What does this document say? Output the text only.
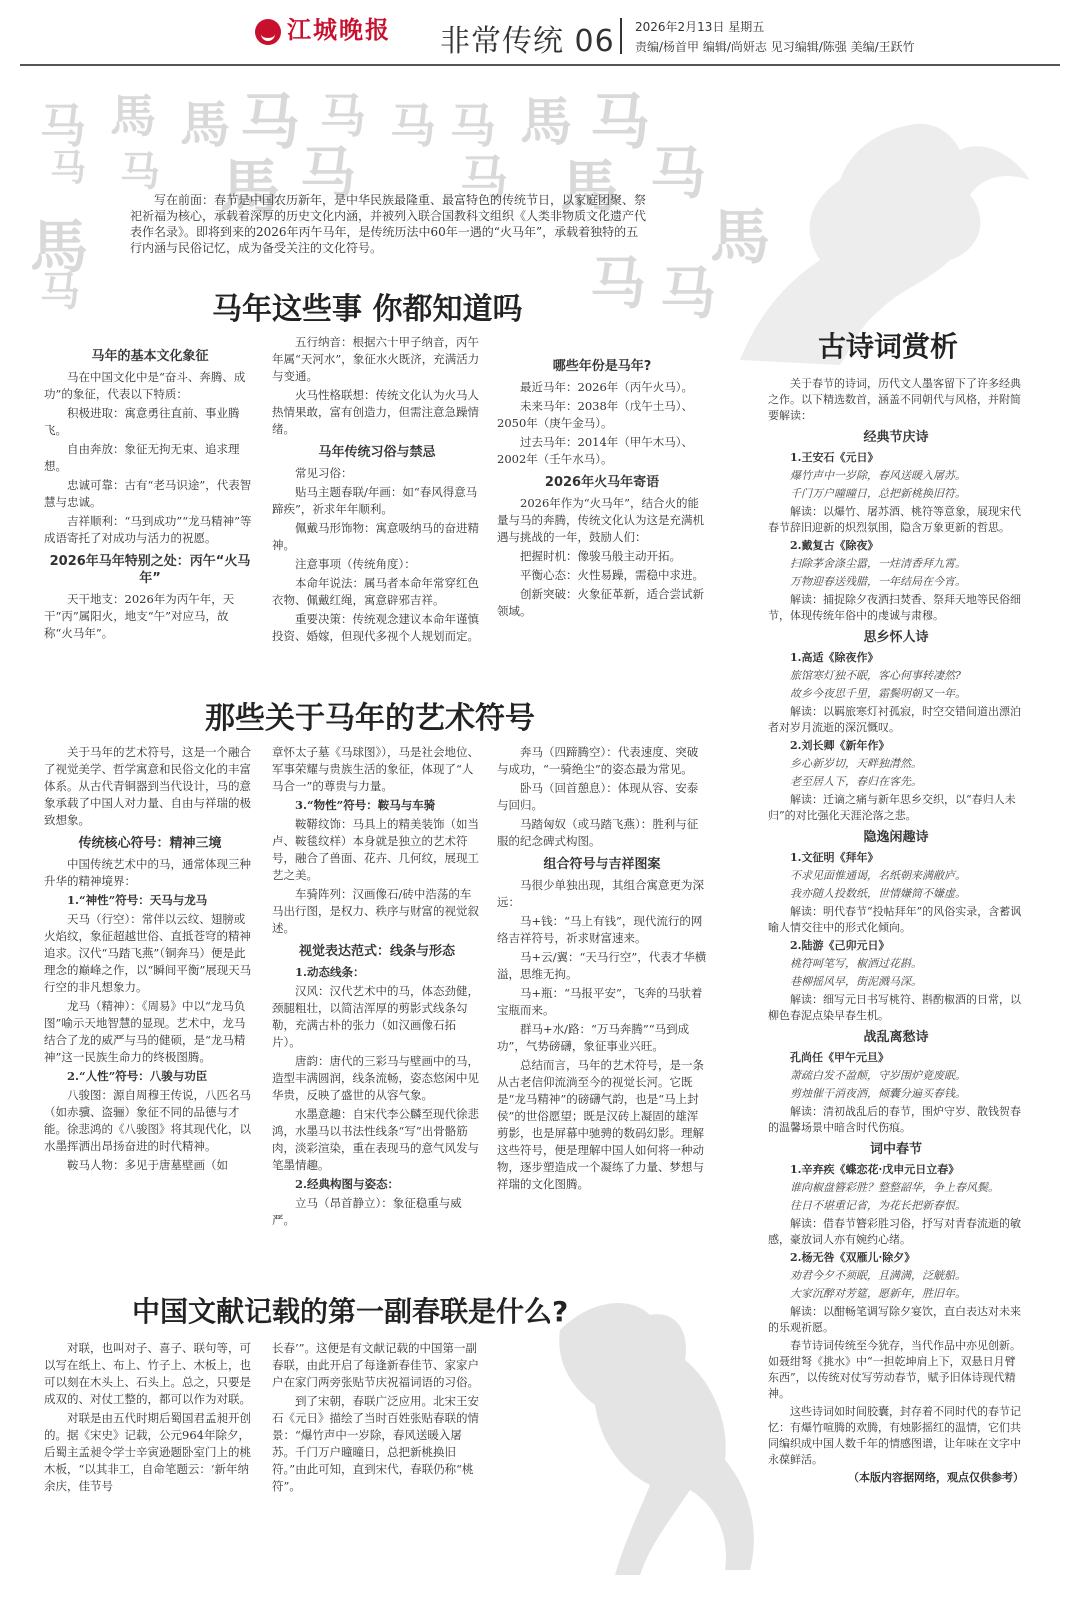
江城晚报 非常传统 06 2026年2月13日 星期五
责编/杨首甲 编辑/尚妍志 见习编辑/陈强 美编/王跃竹
马 馬 馬 马 马 马 马 馬 马
马 马 馬 马 马 馬 马
馬
马	马 马
馬
写在前面：春节是中国农历新年，是中华民族最隆重、最富特色的传统节日，以家庭团聚、祭祀祈福为核心，承载着深厚的历史文化内涵，并被列入联合国教科文组织《人类非物质文化遗产代表作名录》。即将到来的2026年丙午马年，是传统历法中60年一遇的“火马年”，承载着独特的五行内涵与民俗记忆，成为备受关注的文化符号。
马年这些事 你都知道吗
马年的基本文化象征

马在中国文化中是“奋斗、奔腾、成功”的象征，代表以下特质：

积极进取：寓意勇往直前、事业腾飞。

自由奔放：象征无拘无束、追求理想。

忠诚可靠：古有“老马识途”，代表智慧与忠诚。

吉祥顺利：“马到成功”“龙马精神”等成语寄托了对成功与活力的祝愿。

2026年马年特别之处：丙午“火马年”

天干地支：2026年为丙午年，天干“丙”属阳火，地支“午”对应马，故称“火马年”。

五行纳音：根据六十甲子纳音，丙午年属“天河水”，象征水火既济，充满活力与变通。

火马性格联想：传统文化认为火马人热情果敢，富有创造力，但需注意急躁情绪。

马年传统习俗与禁忌

常见习俗：

贴马主题春联/年画：如“春风得意马蹄疾”，祈求年年顺利。

佩戴马形饰物：寓意吸纳马的奋进精神。

注意事项（传统角度）：

本命年说法：属马者本命年常穿红色衣物、佩戴红绳，寓意辟邪吉祥。

重要决策：传统观念建议本命年谨慎投资、婚嫁，但现代多视个人规划而定。

哪些年份是马年?

最近马年：2026年（丙午火马）。

未来马年：2038年（戊午土马）、2050年（庚午金马）。

过去马年：2014年（甲午木马）、2002年（壬午水马）。

2026年火马年寄语

2026年作为“火马年”，结合火的能量与马的奔腾，传统文化认为这是充满机遇与挑战的一年，鼓励人们：

把握时机：像骏马般主动开拓。

平衡心态：火性易躁，需稳中求进。

创新突破：火象征革新，适合尝试新领域。

那些关于马年的艺术符号

关于马年的艺术符号，这是一个融合了视觉美学、哲学寓意和民俗文化的丰富体系。从古代青铜器到当代设计，马的意象承载了中国人对力量、自由与祥瑞的极致想象。

传统核心符号：精神三境

中国传统艺术中的马，通常体现三种升华的精神境界：

1.“神性”符号：天马与龙马

天马（行空）：常伴以云纹、翅膀或火焰纹，象征超越世俗、直抵苍穹的精神追求。汉代“马踏飞燕”（铜奔马）便是此理念的巅峰之作，以“瞬间平衡”展现天马行空的非凡想象力。

龙马（精神）：《周易》中以“龙马负图”喻示天地智慧的显现。艺术中，龙马结合了龙的威严与马的健硕，是“龙马精神”这一民族生命力的终极图腾。

2.“人性”符号：八骏与功臣

八骏图：源自周穆王传说，八匹名马（如赤骥、盗骊）象征不同的品德与才能。徐悲鸿的《八骏图》将其现代化，以水墨挥洒出昂扬奋进的时代精神。

鞍马人物：多见于唐墓壁画（如

章怀太子墓《马球图》），马是社会地位、军事荣耀与贵族生活的象征，体现了“人马合一”的尊贵与力量。

3.“物性”符号：鞍马与车骑

鞍鞯纹饰：马具上的精美装饰（如当卢、鞍毯纹样）本身就是独立的艺术符号，融合了兽面、花卉、几何纹，展现工艺之美。

车骑阵列：汉画像石/砖中浩荡的车马出行图，是权力、秩序与财富的视觉叙述。

视觉表达范式：线条与形态

1.动态线条：

汉风：汉代艺术中的马，体态劲健，颈腿粗壮，以简洁浑厚的剪影式线条勾勒，充满古朴的张力（如汉画像石拓片）。

唐韵：唐代的三彩马与壁画中的马，造型丰满圆润，线条流畅，姿态悠闲中见华贵，反映了盛世的从容气象。

水墨意趣：自宋代李公麟至现代徐悲鸿，水墨马以书法性线条“写”出骨骼筋肉，淡彩渲染，重在表现马的意气风发与笔墨情趣。

2.经典构图与姿态：

立马（昂首静立）：象征稳重与威严。

奔马（四蹄腾空）：代表速度、突破与成功，“一骑绝尘”的姿态最为常见。

卧马（回首憩息）：体现从容、安泰与回归。

马踏匈奴（或马踏飞燕）：胜利与征服的纪念碑式构图。

组合符号与吉祥图案

马很少单独出现，其组合寓意更为深远：

马+钱：“马上有钱”，现代流行的网络吉祥符号，祈求财富速来。

马+云/翼：“天马行空”，代表才华横溢，思维无拘。

马+瓶：“马报平安”，飞奔的马驮着宝瓶而来。

群马+水/路：“万马奔腾”“马到成功”，气势磅礴，象征事业兴旺。

总结而言，马年的艺术符号，是一条从古老信仰流淌至今的视觉长河。它既是“龙马精神”的磅礴气韵，也是“马上封侯”的世俗愿望；既是汉砖上凝固的雄浑剪影，也是屏幕中驰骋的数码幻影。理解这些符号，便是理解中国人如何将一种动物，逐步塑造成一个凝练了力量、梦想与祥瑞的文化图腾。

中国文献记载的第一副春联是什么?

对联，也叫对子、喜子、联句等，可以写在纸上、布上、竹子上、木板上，也可以刻在木头上、石头上。总之，只要是成双的、对仗工整的，都可以作为对联。

对联是由五代时期后蜀国君孟昶开创的。据《宋史》记载，公元964年除夕，后蜀主孟昶令学士辛寅逊题卧室门上的桃木板，“以其非工，自命笔题云：‘新年纳余庆，佳节号

长春’”。这便是有文献记载的中国第一副春联，由此开启了每逢新春佳节、家家户户在家门两旁张贴节庆祝福词语的习俗。

到了宋朝，春联广泛应用。北宋王安石《元日》描绘了当时百姓张贴春联的情景：“爆竹声中一岁除，春风送暖入屠苏。千门万户曈曈日，总把新桃换旧符。”由此可知，直到宋代，春联仍称“桃符”。

古诗词赏析

关于春节的诗词，历代文人墨客留下了许多经典之作。以下精选数首，涵盖不同朝代与风格，并附简要解读：

经典节庆诗

1.王安石《元日》

爆竹声中一岁除，春风送暖入屠苏。

千门万户曈曈日，总把新桃换旧符。

解读：以爆竹、屠苏酒、桃符等意象，展现宋代春节辞旧迎新的炽烈氛围，隐含万象更新的哲思。

2.戴复古《除夜》

扫除茅舍涤尘嚣，一炷清香拜九霄。

万物迎春送残腊，一年结局在今宵。

解读：捕捉除夕夜洒扫焚香、祭拜天地等民俗细节，体现传统年俗中的虔诚与肃穆。

思乡怀人诗

1.高适《除夜作》

旅馆寒灯独不眠，客心何事转凄然?

故乡今夜思千里，霜鬓明朝又一年。

解读：以羁旅寒灯衬孤寂，时空交错间道出漂泊者对岁月流逝的深沉慨叹。

2.刘长卿《新年作》

乡心新岁切，天畔独潸然。

老至居人下，春归在客先。

解读：迁谪之痛与新年思乡交织，以“春归人未归”的对比强化天涯沦落之悲。

隐逸闲趣诗

1.文征明《拜年》

不求见面惟通谒，名纸朝来满敝庐。

我亦随人投数纸，世情嫌简不嫌虚。

解读：明代春节“投帖拜年”的风俗实录，含蓄讽喻人情交往中的形式化倾向。

2.陆游《己卯元日》

桃符呵笔写，椒酒过花斟。

巷柳摇风早，街泥溅马深。

解读：细写元日书写桃符、斟酌椒酒的日常，以柳色春泥点染早春生机。

战乱离愁诗

孔尚任《甲午元旦》

萧疏白发不盈颠，守岁围炉竟废眠。

剪烛催干消夜酒，倾囊分遍买春钱。

解读：清初战乱后的春节，围炉守岁、散钱贺春的温馨场景中暗含时代伤痕。

词中春节

1.辛弃疾《蝶恋花·戊申元日立春》

谁向椒盘簪彩胜？整整韶华，争上春风鬓。

往日不堪重记省，为花长把新春恨。

解读：借春节簪彩胜习俗，抒写对青春流逝的敏感，豪放词人亦有婉约心绪。

2.杨无咎《双雁儿·除夕》

劝君今夕不须眠，且满满，泛觥船。

大家沉醉对芳筵，愿新年，胜旧年。

解读：以酣畅笔调写除夕宴饮，直白表达对未来的乐观祈愿。

春节诗词传统至今犹存，当代作品中亦见创新。如聂绀弩《挑水》中“一担乾坤肩上下，双悬日月臂东西”，以传统对仗写劳动春节，赋予旧体诗现代精神。

这些诗词如时间胶囊，封存着不同时代的春节记忆：有爆竹喧腾的欢腾，有烛影摇红的温情，它们共同编织成中国人数千年的情感图谱，让年味在文字中永葆鲜活。

（本版内容据网络，观点仅供参考）
